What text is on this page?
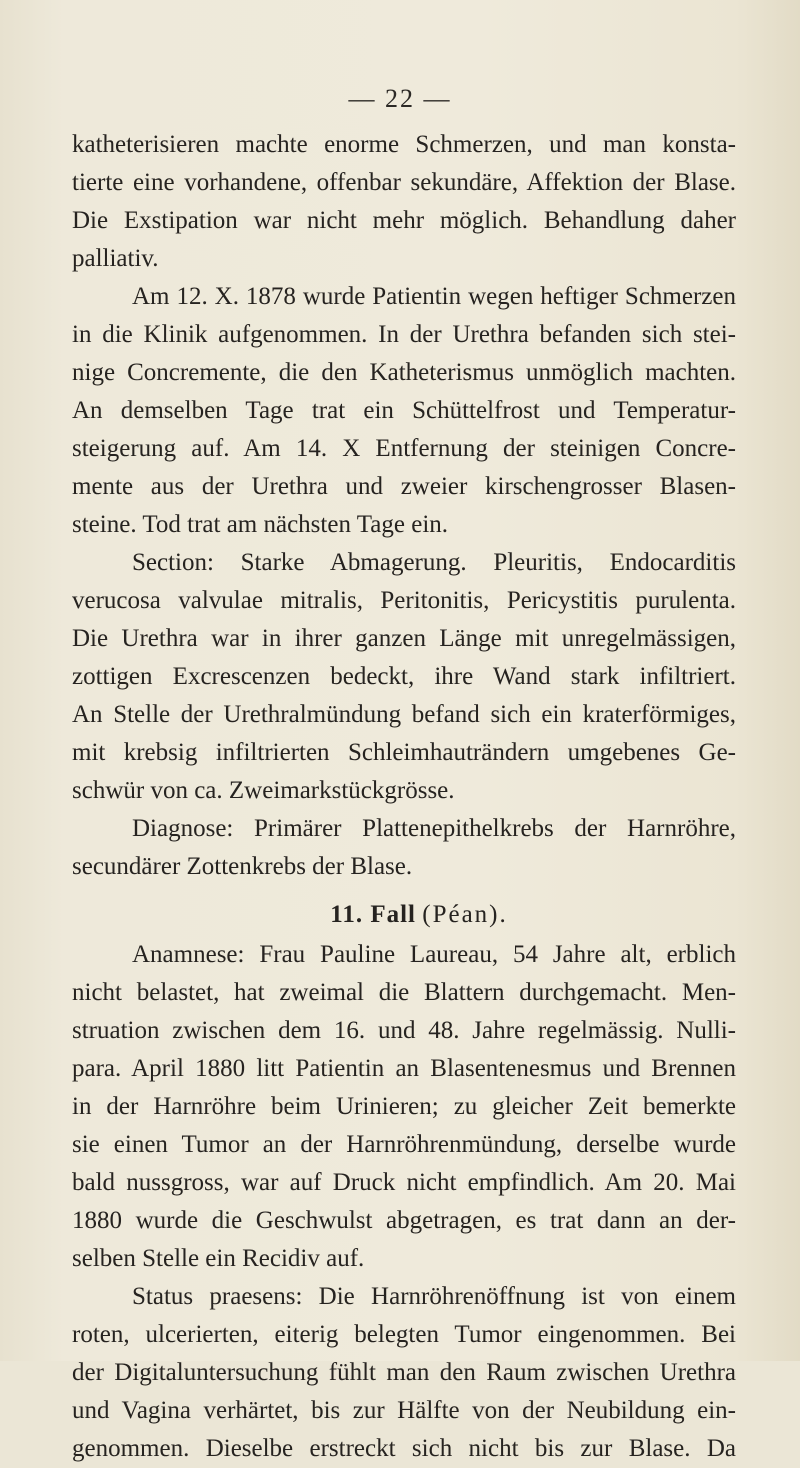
— 22 —
katheterisieren machte enorme Schmerzen, und man konsta-
tierte eine vorhandene, offenbar sekundäre, Affektion der Blase.
Die Exstipation war nicht mehr möglich. Behandlung daher
palliativ.
Am 12. X. 1878 wurde Patientin wegen heftiger Schmerzen
in die Klinik aufgenommen. In der Urethra befanden sich stei-
nige Concremente, die den Katheterismus unmöglich machten.
An demselben Tage trat ein Schüttelfrost und Temperatur-
steigerung auf. Am 14. X Entfernung der steinigen Concre-
mente aus der Urethra und zweier kirschengrosser Blasen-
steine. Tod trat am nächsten Tage ein.
Section: Starke Abmagerung. Pleuritis, Endocarditis
verucosa valvulae mitralis, Peritonitis, Pericystitis purulenta.
Die Urethra war in ihrer ganzen Länge mit unregelmässigen,
zottigen Excrescenzen bedeckt, ihre Wand stark infiltriert.
An Stelle der Urethralmündung befand sich ein kraterförmiges,
mit krebsig infiltrierten Schleimhauträndern umgebenes Ge-
schwür von ca. Zweimarkstückgrösse.
Diagnose: Primärer Plattenepithelkrebs der Harnröhre,
secundärer Zottenkrebs der Blase.
11. Fall (Péan).
Anamnese: Frau Pauline Laureau, 54 Jahre alt, erblich
nicht belastet, hat zweimal die Blattern durchgemacht. Men-
struation zwischen dem 16. und 48. Jahre regelmässig. Nulli-
para. April 1880 litt Patientin an Blasentenesmus und Brennen
in der Harnröhre beim Urinieren; zu gleicher Zeit bemerkte
sie einen Tumor an der Harnröhrenmündung, derselbe wurde
bald nussgross, war auf Druck nicht empfindlich. Am 20. Mai
1880 wurde die Geschwulst abgetragen, es trat dann an der-
selben Stelle ein Recidiv auf.
Status praesens: Die Harnröhrenöffnung ist von einem
roten, ulcerierten, eiterig belegten Tumor eingenommen. Bei
der Digitaluntersuchung fühlt man den Raum zwischen Urethra
und Vagina verhärtet, bis zur Hälfte von der Neubildung ein-
genommen. Dieselbe erstreckt sich nicht bis zur Blase. Da
